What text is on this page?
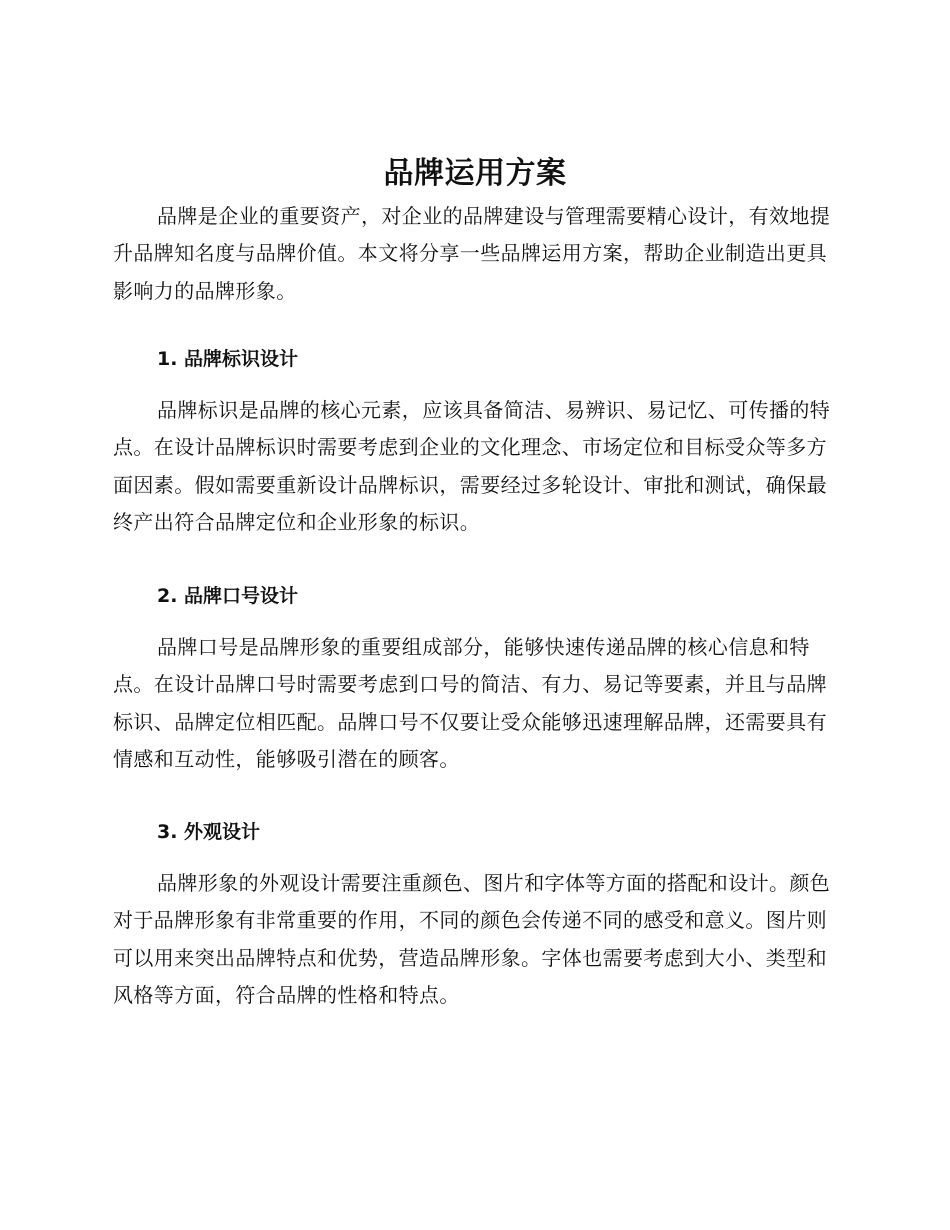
品牌运用方案

品牌是企业的重要资产，对企业的品牌建设与管理需要精心设计，有效地提升品牌知名度与品牌价值。本文将分享一些品牌运用方案，帮助企业制造出更具影响力的品牌形象。

1. 品牌标识设计

品牌标识是品牌的核心元素，应该具备简洁、易辨识、易记忆、可传播的特点。在设计品牌标识时需要考虑到企业的文化理念、市场定位和目标受众等多方面因素。假如需要重新设计品牌标识，需要经过多轮设计、审批和测试，确保最终产出符合品牌定位和企业形象的标识。

2. 品牌口号设计

品牌口号是品牌形象的重要组成部分，能够快速传递品牌的核心信息和特点。在设计品牌口号时需要考虑到口号的简洁、有力、易记等要素，并且与品牌标识、品牌定位相匹配。品牌口号不仅要让受众能够迅速理解品牌，还需要具有情感和互动性，能够吸引潜在的顾客。

3. 外观设计

品牌形象的外观设计需要注重颜色、图片和字体等方面的搭配和设计。颜色对于品牌形象有非常重要的作用，不同的颜色会传递不同的感受和意义。图片则可以用来突出品牌特点和优势，营造品牌形象。字体也需要考虑到大小、类型和风格等方面，符合品牌的性格和特点。
